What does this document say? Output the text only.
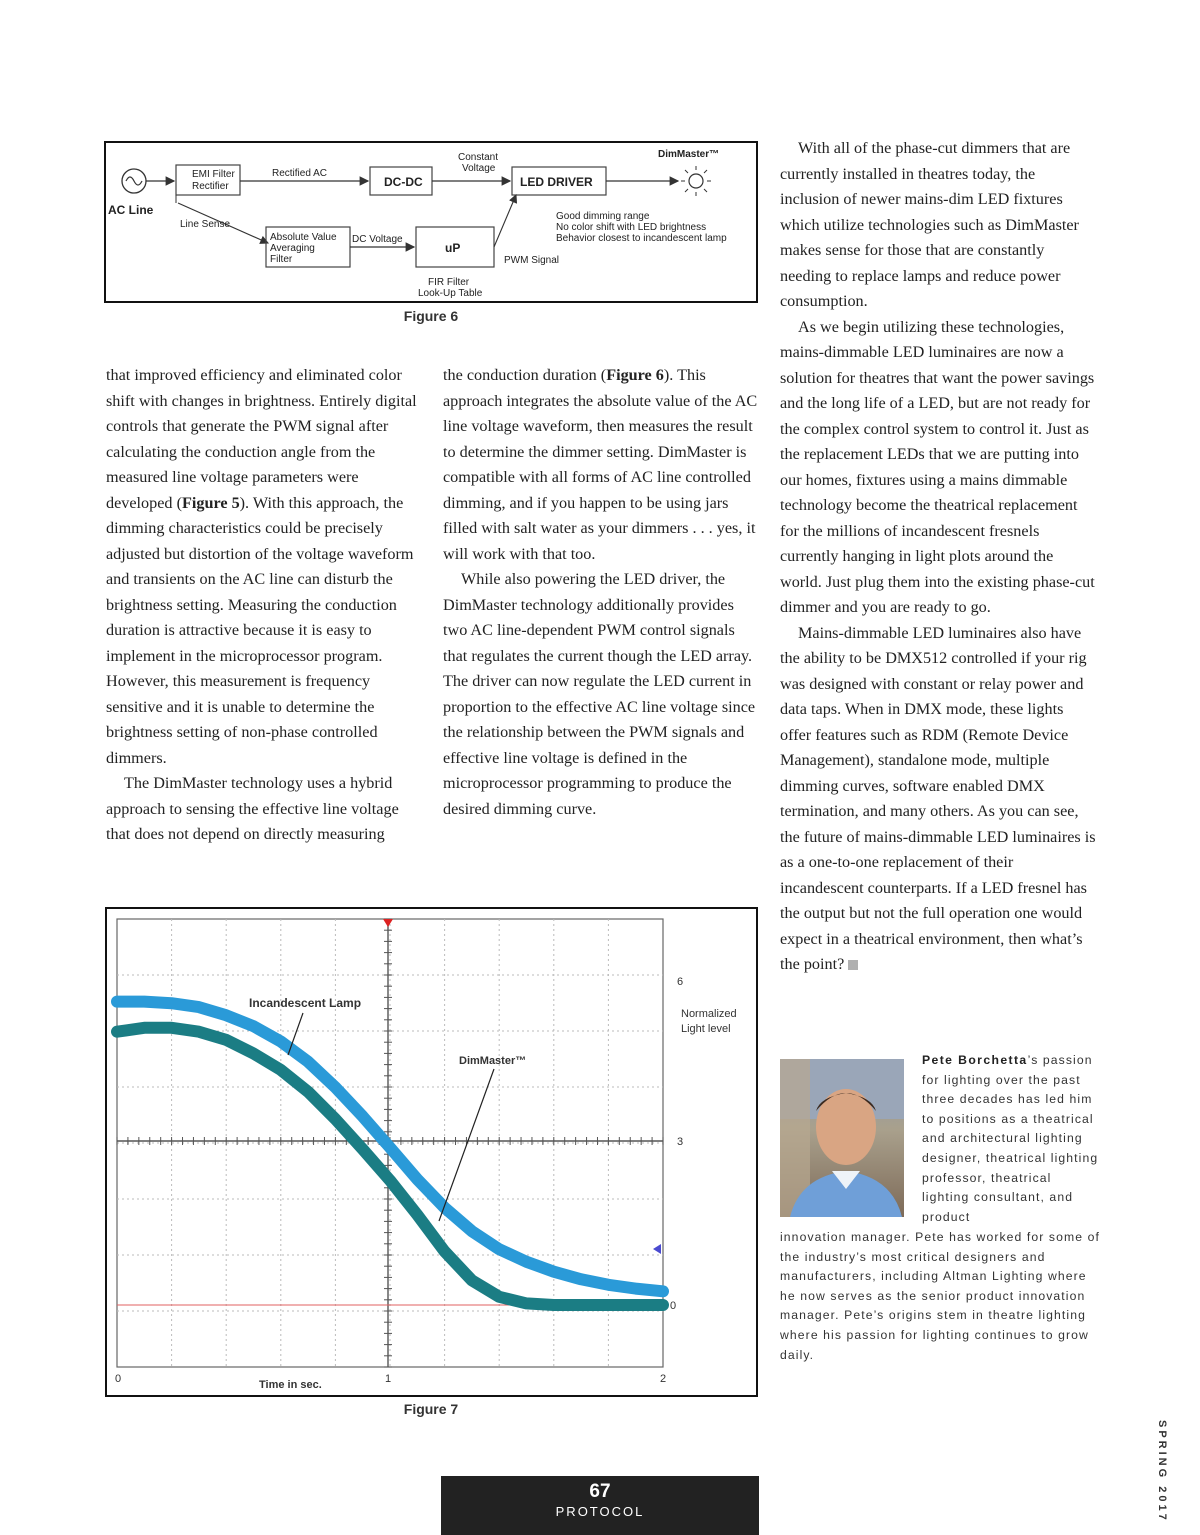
AC Line
EMI Filter
Rectifier
Rectified AC
DC-DC
Constant
Voltage
LED DRIVER
DimMaster™
Line Sense
Absolute Value
Averaging
Filter
DC Voltage
uP
PWM Signal
FIR Filter
Look-Up Table
Good dimming range
No color shift with LED brightness
Behavior closest to incandescent lamp
Figure 6

that improved efficiency and eliminated color shift with changes in brightness. Entirely digital controls that generate the PWM signal after calculating the conduction angle from the measured line voltage parameters were developed (Figure 5). With this approach, the dimming characteristics could be precisely adjusted but distortion of the voltage waveform and transients on the AC line can disturb the brightness setting. Measuring the conduction duration is attractive because it is easy to implement in the microprocessor program. However, this measurement is frequency sensitive and it is unable to determine the brightness setting of non-phase controlled dimmers.

The DimMaster technology uses a hybrid approach to sensing the effective line voltage that does not depend on directly measuring

the conduction duration (Figure 6). This approach integrates the absolute value of the AC line voltage waveform, then measures the result to determine the dimmer setting. DimMaster is compatible with all forms of AC line controlled dimming, and if you happen to be using jars filled with salt water as your dimmers . . . yes, it will work with that too.

While also powering the LED driver, the DimMaster technology additionally provides two AC line-dependent PWM control signals that regulates the current though the LED array. The driver can now regulate the LED current in proportion to the effective AC line voltage since the relationship between the PWM signals and effective line voltage is defined in the microprocessor programming to produce the desired dimming curve.

With all of the phase-cut dimmers that are currently installed in theatres today, the inclusion of newer mains-dim LED fixtures which utilize technologies such as DimMaster makes sense for those that are constantly needing to replace lamps and reduce power consumption.

As we begin utilizing these technologies, mains-dimmable LED luminaires are now a solution for theatres that want the power savings and the long life of a LED, but are not ready for the complex control system to control it. Just as the replacement LEDs that we are putting into our homes, fixtures using a mains dimmable technology become the theatrical replacement for the millions of incandescent fresnels currently hanging in light plots around the world. Just plug them into the existing phase-cut dimmer and you are ready to go.

Mains-dimmable LED luminaires also have the ability to be DMX512 controlled if your rig was designed with constant or relay power and data taps. When in DMX mode, these lights offer features such as RDM (Remote Device Management), standalone mode, multiple dimming curves, software enabled DMX termination, and many others. As you can see, the future of mains-dimmable LED luminaires is as a one-to-one replacement of their incandescent counterparts. If a LED fresnel has the output but not the full operation one would expect in a theatrical environment, then what’s the point?

Incandescent Lamp
DimMaster™
Normalized
Light level
6
3
0
0	1	2
Time in sec.
Figure 7
Pete Borchetta’s passion for lighting over the past three decades has led him to positions as a theatrical and architectural lighting designer, theatrical lighting professor, theatrical lighting consultant, and product
innovation manager. Pete has worked for some of the industry’s most critical designers and manufacturers, including Altman Lighting where he now serves as the senior product innovation manager. Pete’s origins stem in theatre lighting where his passion for lighting continues to grow daily.
67
PROTOCOL	SPRING 2017
